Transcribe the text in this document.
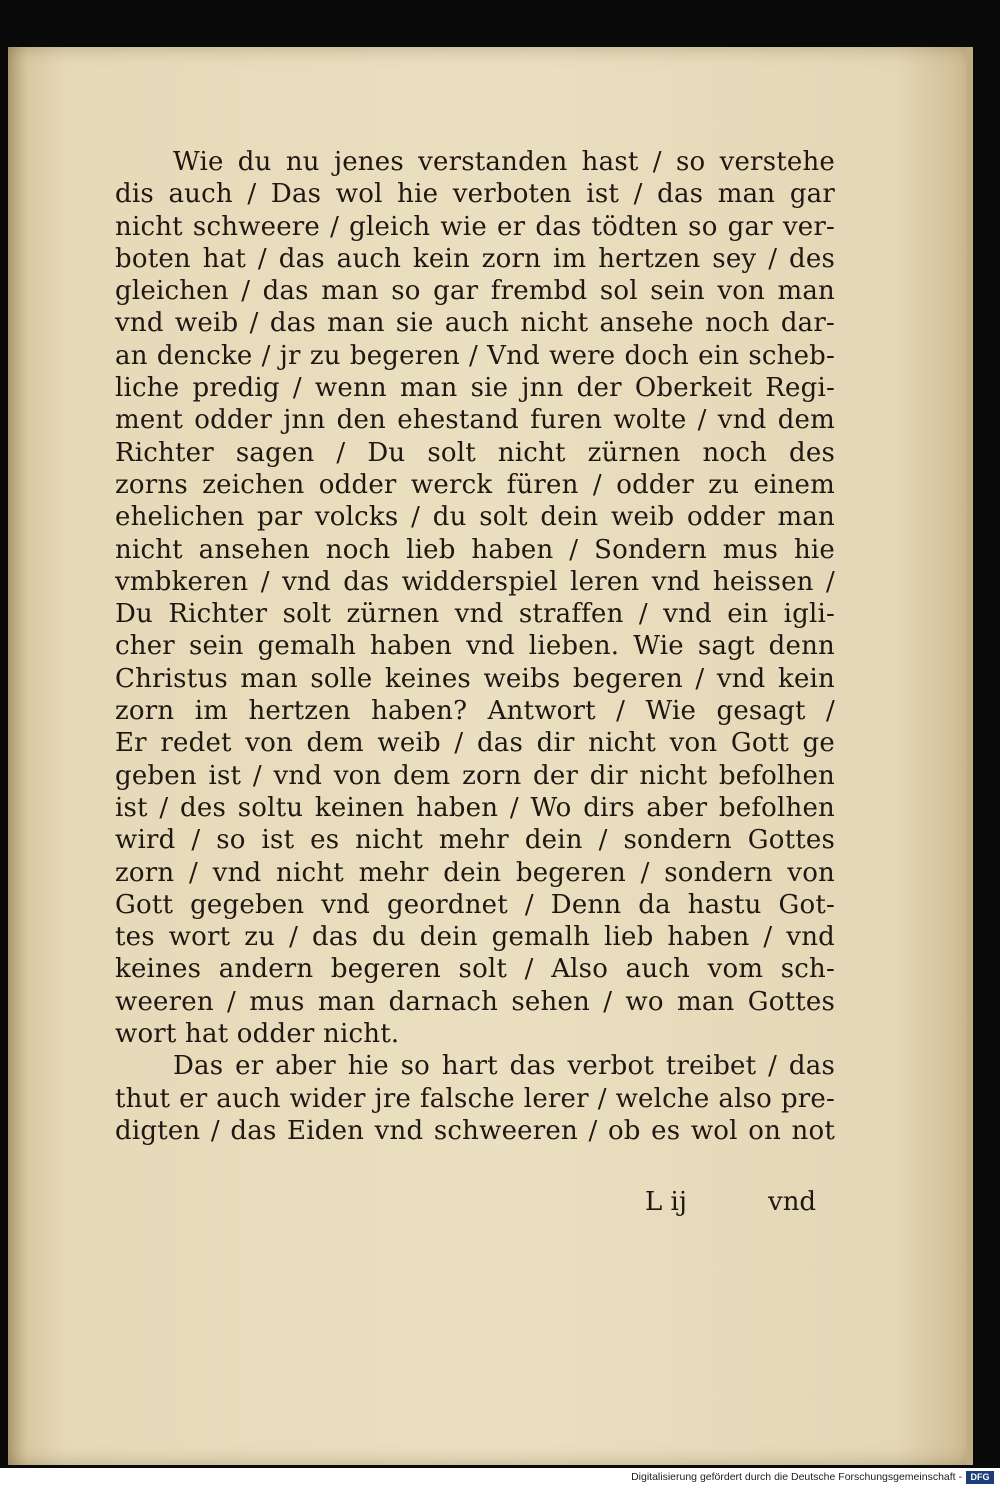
Wie du nu jenes verstanden hast / so verstehe
dis auch / Das wol hie verboten ist / das man gar
nicht schweere / gleich wie er das tödten so gar ver-
boten hat / das auch kein zorn im hertzen sey / des
gleichen / das man so gar frembd sol sein von man
vnd weib / das man sie auch nicht ansehe noch dar-
an dencke / jr zu begeren / Vnd were doch ein scheb-
liche predig / wenn man sie jnn der Oberkeit Regi-
ment odder jnn den ehestand furen wolte / vnd dem
Richter sagen / Du solt nicht zürnen noch des
zorns zeichen odder werck füren / odder zu einem
ehelichen par volcks / du solt dein weib odder man
nicht ansehen noch lieb haben / Sondern mus hie
vmbkeren / vnd das widderspiel leren vnd heissen /
Du Richter solt zürnen vnd straffen / vnd ein igli-
cher sein gemalh haben vnd lieben. Wie sagt denn
Christus man solle keines weibs begeren / vnd kein
zorn im hertzen haben? Antwort / Wie gesagt /
Er redet von dem weib / das dir nicht von Gott ge
geben ist / vnd von dem zorn der dir nicht befolhen
ist / des soltu keinen haben / Wo dirs aber befolhen
wird / so ist es nicht mehr dein / sondern Gottes
zorn / vnd nicht mehr dein begeren / sondern von
Gott gegeben vnd geordnet / Denn da hastu Got-
tes wort zu / das du dein gemalh lieb haben / vnd
keines andern begeren solt / Also auch vom sch-
weeren / mus man darnach sehen / wo man Gottes
wort hat odder nicht.
Das er aber hie so hart das verbot treibet / das
thut er auch wider jre falsche lerer / welche also pre-
digten / das Eiden vnd schweeren / ob es wol on not
L ij	vnd
Digitalisierung gefördert durch die Deutsche Forschungsgemeinschaft - DFG
